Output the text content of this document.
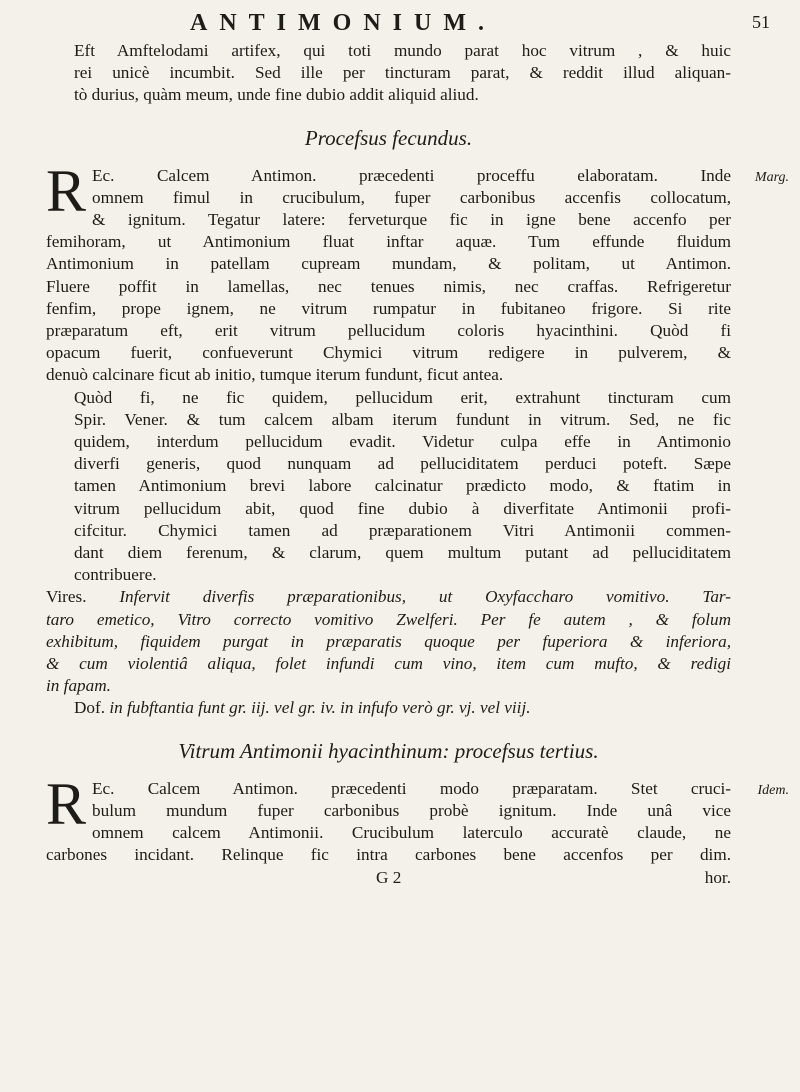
ANTIMONIUM.	51

Eft Amftelodami artifex, qui toti mundo parat hoc vitrum , & huic
rei unicè incumbit. Sed ille per tincturam parat, & reddit illud aliquan-
tò durius, quàm meum, unde fine dubio addit aliquid aliud.

Procefsus fecundus.
R	Marg.
Ec. Calcem Antimon. præcedenti proceffu elaboratam. Inde
omnem fimul in crucibulum, fuper carbonibus accenfis collocatum,
& ignitum. Tegatur latere: ferveturque fic in igne bene accenfo per
femihoram, ut Antimonium fluat inftar aquæ. Tum effunde fluidum
Antimonium in patellam cupream mundam, & politam, ut Antimon.
Fluere poffit in lamellas, nec tenues nimis, nec craffas. Refrigeretur
fenfim, prope ignem, ne vitrum rumpatur in fubitaneo frigore. Si rite
præparatum eft, erit vitrum pellucidum coloris hyacinthini. Quòd fi
opacum fuerit, confueverunt Chymici vitrum redigere in pulverem, &
denuò calcinare ficut ab initio, tumque iterum fundunt, ficut antea.

Quòd fi, ne fic quidem, pellucidum erit, extrahunt tincturam cum
Spir. Vener. & tum calcem albam iterum fundunt in vitrum. Sed, ne fic
quidem, interdum pellucidum evadit. Videtur culpa effe in Antimonio
diverfi generis, quod nunquam ad pelluciditatem perduci poteft. Sæpe
tamen Antimonium brevi labore calcinatur prædicto modo, & ftatim in
vitrum pellucidum abit, quod fine dubio à diverfitate Antimonii profi-
cifcitur. Chymici tamen ad præparationem Vitri Antimonii commen-
dant diem ferenum, & clarum, quem multum putant ad pelluciditatem
contribuere.

Vires. Infervit diverfis præparationibus, ut Oxyfaccharo vomitivo. Tar-
taro emetico, Vitro correcto vomitivo Zwelferi. Per fe autem , & folum
exhibitum, fiquidem purgat in præparatis quoque per fuperiora & inferiora,
& cum violentiâ aliqua, folet infundi cum vino, item cum mufto, & redigi
in fapam.

Dof. in fubftantia funt gr. iij. vel gr. iv. in infufo verò gr. vj. vel viij.

Vitrum Antimonii hyacinthinum: procefsus tertius.
R	Idem.
Ec. Calcem Antimon. præcedenti modo præparatam. Stet cruci-
bulum mundum fuper carbonibus probè ignitum. Inde unâ vice
omnem calcem Antimonii. Crucibulum laterculo accuratè claude, ne
carbones incidant. Relinque fic intra carbones bene accenfos per dim.
G 2	hor.
